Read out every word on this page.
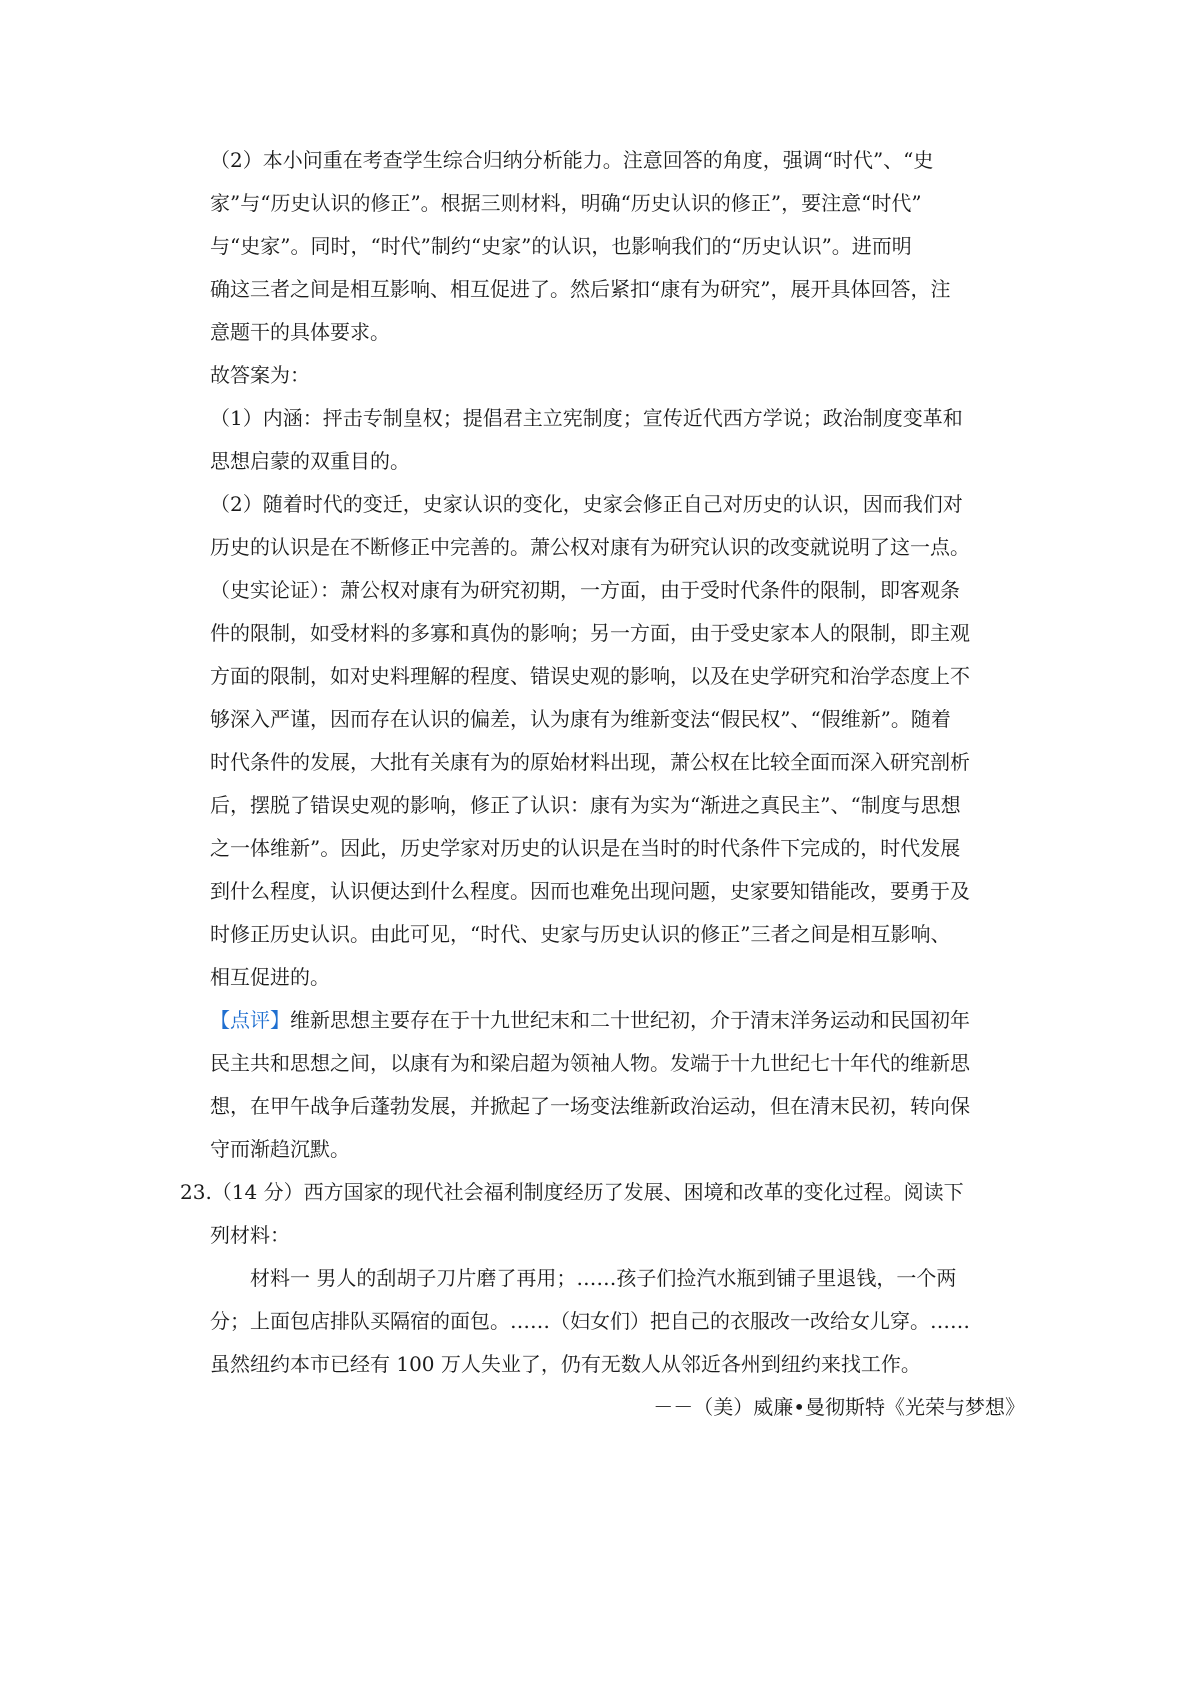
（2）本小问重在考查学生综合归纳分析能力。注意回答的角度，强调“时代”、“史
家”与“历史认识的修正”。根据三则材料，明确“历史认识的修正”，要注意“时代”
与“史家”。同时，“时代”制约“史家”的认识，也影响我们的“历史认识”。进而明
确这三者之间是相互影响、相互促进了。然后紧扣“康有为研究”，展开具体回答，注
意题干的具体要求。
故答案为：
（1）内涵：抨击专制皇权；提倡君主立宪制度；宣传近代西方学说；政治制度变革和
思想启蒙的双重目的。
（2）随着时代的变迁，史家认识的变化，史家会修正自己对历史的认识，因而我们对
历史的认识是在不断修正中完善的。萧公权对康有为研究认识的改变就说明了这一点。
（史实论证）：萧公权对康有为研究初期，一方面，由于受时代条件的限制，即客观条
件的限制，如受材料的多寡和真伪的影响；另一方面，由于受史家本人的限制，即主观
方面的限制，如对史料理解的程度、错误史观的影响，以及在史学研究和治学态度上不
够深入严谨，因而存在认识的偏差，认为康有为维新变法“假民权”、“假维新”。随着
时代条件的发展，大批有关康有为的原始材料出现，萧公权在比较全面而深入研究剖析
后，摆脱了错误史观的影响，修正了认识：康有为实为“渐进之真民主”、“制度与思想
之一体维新”。因此，历史学家对历史的认识是在当时的时代条件下完成的，时代发展
到什么程度，认识便达到什么程度。因而也难免出现问题，史家要知错能改，要勇于及
时修正历史认识。由此可见，“时代、史家与历史认识的修正”三者之间是相互影响、
相互促进的。
【点评】维新思想主要存在于十九世纪末和二十世纪初，介于清末洋务运动和民国初年
民主共和思想之间，以康有为和梁启超为领袖人物。发端于十九世纪七十年代的维新思
想，在甲午战争后蓬勃发展，并掀起了一场变法维新政治运动，但在清末民初，转向保
守而渐趋沉默。
23.（14 分）西方国家的现代社会福利制度经历了发展、困境和改革的变化过程。阅读下
列材料：
材料一 男人的刮胡子刀片磨了再用；……孩子们捡汽水瓶到铺子里退钱，一个两
分；上面包店排队买隔宿的面包。……（妇女们）把自己的衣服改一改给女儿穿。……
虽然纽约本市已经有 100 万人失业了，仍有无数人从邻近各州到纽约来找工作。
－－（美）威廉•曼彻斯特《光荣与梦想》
